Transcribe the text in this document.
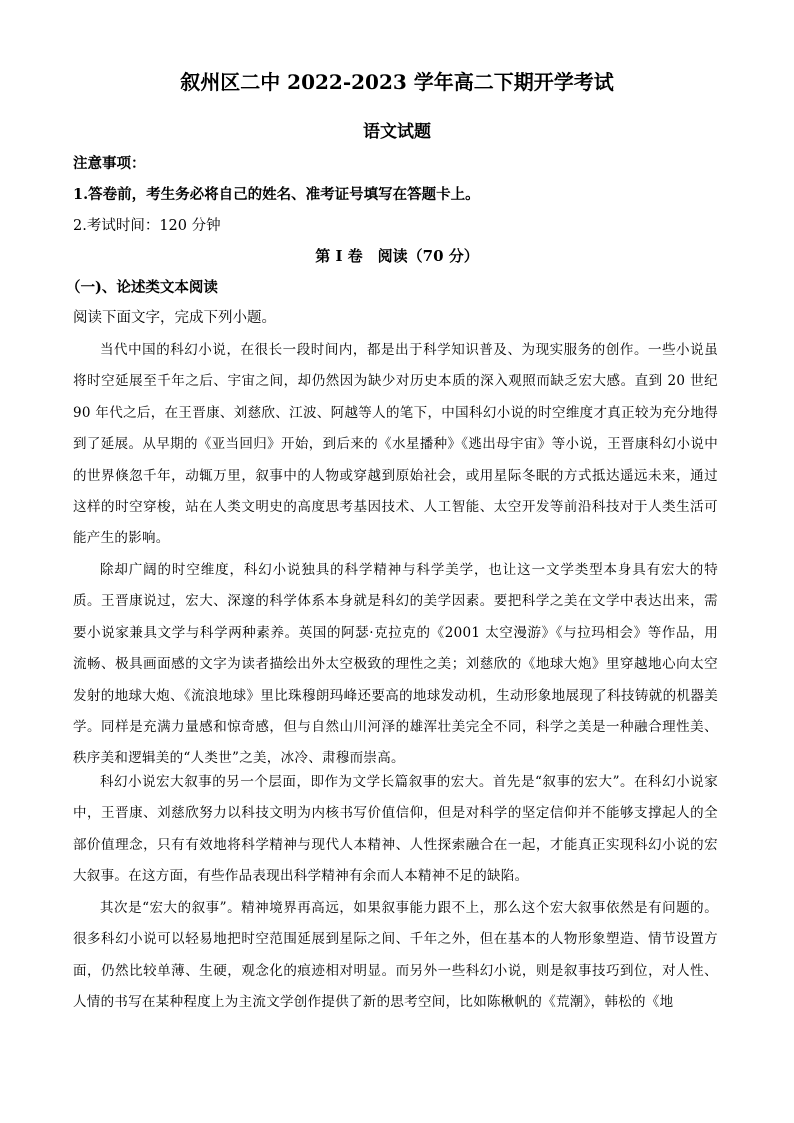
叙州区二中 2022-2023 学年高二下期开学考试
语文试题
注意事项：
1.答卷前，考生务必将自己的姓名、准考证号填写在答题卡上。
2.考试时间：120 分钟
第 I 卷　阅读（70 分）
（一)、论述类文本阅读
阅读下面文字，完成下列小题。
当代中国的科幻小说，在很长一段时间内，都是出于科学知识普及、为现实服务的创作。一些小说虽将时空延展至千年之后、宇宙之间，却仍然因为缺少对历史本质的深入观照而缺乏宏大感。直到 20 世纪 90 年代之后，在王晋康、刘慈欣、江波、阿越等人的笔下，中国科幻小说的时空维度才真正较为充分地得到了延展。从早期的《亚当回归》开始，到后来的《水星播种》《逃出母宇宙》等小说，王晋康科幻小说中的世界倏忽千年，动辄万里，叙事中的人物或穿越到原始社会，或用星际冬眠的方式抵达遥远未来，通过这样的时空穿梭，站在人类文明史的高度思考基因技术、人工智能、太空开发等前沿科技对于人类生活可能产生的影响。
除却广阔的时空维度，科幻小说独具的科学精神与科学美学，也让这一文学类型本身具有宏大的特质。王晋康说过，宏大、深邃的科学体系本身就是科幻的美学因素。要把科学之美在文学中表达出来，需要小说家兼具文学与科学两种素养。英国的阿瑟·克拉克的《2001 太空漫游》《与拉玛相会》等作品，用流畅、极具画面感的文字为读者描绘出外太空极致的理性之美；刘慈欣的《地球大炮》里穿越地心向太空发射的地球大炮、《流浪地球》里比珠穆朗玛峰还要高的地球发动机，生动形象地展现了科技铸就的机器美学。同样是充满力量感和惊奇感，但与自然山川河泽的雄浑壮美完全不同，科学之美是一种融合理性美、秩序美和逻辑美的“人类世”之美，冰冷、肃穆而崇高。
科幻小说宏大叙事的另一个层面，即作为文学长篇叙事的宏大。首先是“叙事的宏大”。在科幻小说家中，王晋康、刘慈欣努力以科技文明为内核书写价值信仰，但是对科学的坚定信仰并不能够支撑起人的全部价值理念，只有有效地将科学精神与现代人本精神、人性探索融合在一起，才能真正实现科幻小说的宏大叙事。在这方面，有些作品表现出科学精神有余而人本精神不足的缺陷。
其次是“宏大的叙事”。精神境界再高远，如果叙事能力跟不上，那么这个宏大叙事依然是有问题的。很多科幻小说可以轻易地把时空范围延展到星际之间、千年之外，但在基本的人物形象塑造、情节设置方面，仍然比较单薄、生硬，观念化的痕迹相对明显。而另外一些科幻小说，则是叙事技巧到位，对人性、人情的书写在某种程度上为主流文学创作提供了新的思考空间，比如陈楸帆的《荒潮》，韩松的《地
